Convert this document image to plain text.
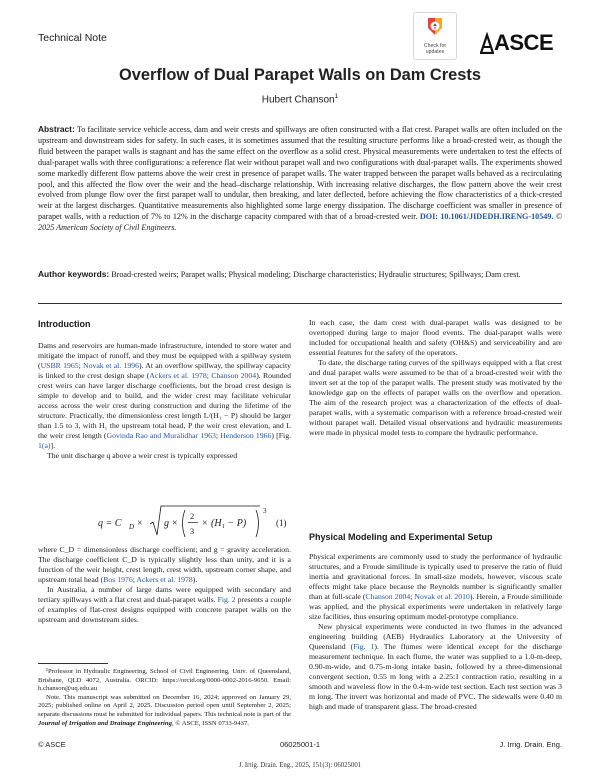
Technical Note
Check for
updates	ASCE
Overflow of Dual Parapet Walls on Dam Crests
Hubert Chanson$^1$
Abstract: To facilitate service vehicle access, dam and weir crests and spillways are often constructed with a flat crest. Parapet walls are often included on the upstream and downstream sides for safety. In such cases, it is sometimes assumed that the resulting structure performs like a broad-crested weir, as though the fluid between the parapet walls is stagnant and has the same effect on the overflow as a solid crest. Physical measurements were undertaken to test the effects of dual-parapet walls with three configurations: a reference flat weir without parapet wall and two configurations with dual-parapet walls. The experiments showed some markedly different flow patterns above the weir crest in presence of parapet walls. The water trapped between the parapet walls behaved as a recirculating pool, and this affected the flow over the weir and the head–discharge relationship. With increasing relative discharges, the flow pattern above the weir crest evolved from plunge flow over the first parapet wall to undular, then breaking, and later deflected, before achieving the flow characteristics of a thick-crested weir at the largest discharges. Quantitative measurements also highlighted some large energy dissipation. The discharge coefficient was smaller in presence of parapet walls, with a reduction of 7% to 12% in the discharge capacity compared with that of a broad-crested weir. DOI: 10.1061/JIDEDH.IRENG-10549. © 2025 American Society of Civil Engineers.
Author keywords: Broad-crested weirs; Parapet walls; Physical modeling; Discharge characteristics; Hydraulic structures; Spillways; Dam crest.
Introduction

Dams and reservoirs are human-made infrastructure, intended to store water and mitigate the impact of runoff, and they must be equipped with a spillway system (USBR 1965; Novak et al. 1996). At an overflow spillway, the spillway capacity is linked to the crest design shape (Ackers et al. 1978; Chanson 2004). Rounded crest weirs can have larger discharge coefficients, but the broad crest design is simple to develop and to build, and the wider crest may facilitate vehicular access across the weir crest during construction and during the lifetime of the structure. Practically, the dimensionless crest length L/(H₁ − P) should be larger than 1.5 to 3, with H₁ the upstream total head, P the weir crest elevation, and L the weir crest length (Govinda Rao and Muralidhar 1963; Henderson 1966) [Fig. 1(a)].

The unit discharge q above a weir crest is typically expressed

q = C D × g ×
2
3
× (H₁ − P)
3
(1)

where C_D = dimensionless discharge coefficient; and g = gravity acceleration. The discharge coefficient C_D is typically slightly less than unity, and it is a function of the weir height, crest length, crest width, upstream corner shape, and upstream total head (Bos 1976; Ackers et al. 1978).

In Australia, a number of large dams were equipped with secondary and tertiary spillways with a flat crest and dual-parapet walls. Fig. 2 presents a couple of examples of flat-crest designs equipped with concrete parapet walls on the upstream and downstream sides.

¹Professor in Hydraulic Engineering, School of Civil Engineering, Univ. of Queensland, Brisbane, QLD 4072, Australia. ORCID: https://orcid.org/0000-0002-2016-9650. Email: h.chanson@uq.edu.au

Note. This manuscript was submitted on December 16, 2024; approved on January 29, 2025; published online on April 2, 2025. Discussion period open until September 2, 2025; separate discussions must be submitted for individual papers. This technical note is part of the Journal of Irrigation and Drainage Engineering, © ASCE, ISSN 0733-9437.

In each case, the dam crest with dual-parapet walls was designed to be overtopped during large to major flood events. The dual-parapet walls were included for occupational health and safety (OH&S) and serviceability and are essential features for the safety of the operators.

To date, the discharge rating curves of the spillways equipped with a flat crest and dual parapet walls were assumed to be that of a broad-crested weir with the invert set at the top of the parapet walls. The present study was motivated by the knowledge gap on the effects of parapet walls on the overflow and operation. The aim of the research project was a characterization of the effects of dual-parapet walls, with a systematic comparison with a reference broad-crested weir without parapet wall. Detailed visual observations and hydraulic measurements were made in physical model tests to compare the hydraulic performance.

Physical Modeling and Experimental Setup

Physical experiments are commonly used to study the performance of hydraulic structures, and a Froude similitude is typically used to preserve the ratio of fluid inertia and gravitational forces. In small-size models, however, viscous scale effects might take place because the Reynolds number is significantly smaller than at full-scale (Chanson 2004; Novak et al. 2010). Herein, a Froude similitude was applied, and the physical experiments were undertaken in relatively large size facilities, thus ensuring optimum model-prototype compliance.

New physical experiments were conducted in two flumes in the advanced engineering building (AEB) Hydraulics Laboratory at the University of Queensland (Fig. 1). The flumes were identical except for the discharge measurement technique. In each flume, the water was supplied to a 1.0-m-deep, 0.90-m-wide, and 0.75-m-long intake basin, followed by a three-dimensional convergent section, 0.55 m long with a 2.25:1 contraction ratio, resulting in a smooth and waveless flow in the 0.4-m-wide test section. Each test section was 3 m long. The invert was horizontal and made of PVC. The sidewalls were 0.40 m high and made of transparent glass. The broad-crested

© ASCE	06025001-1	J. Irrig. Drain. Eng.
J. Irrig. Drain. Eng., 2025, 151(3): 06025001
